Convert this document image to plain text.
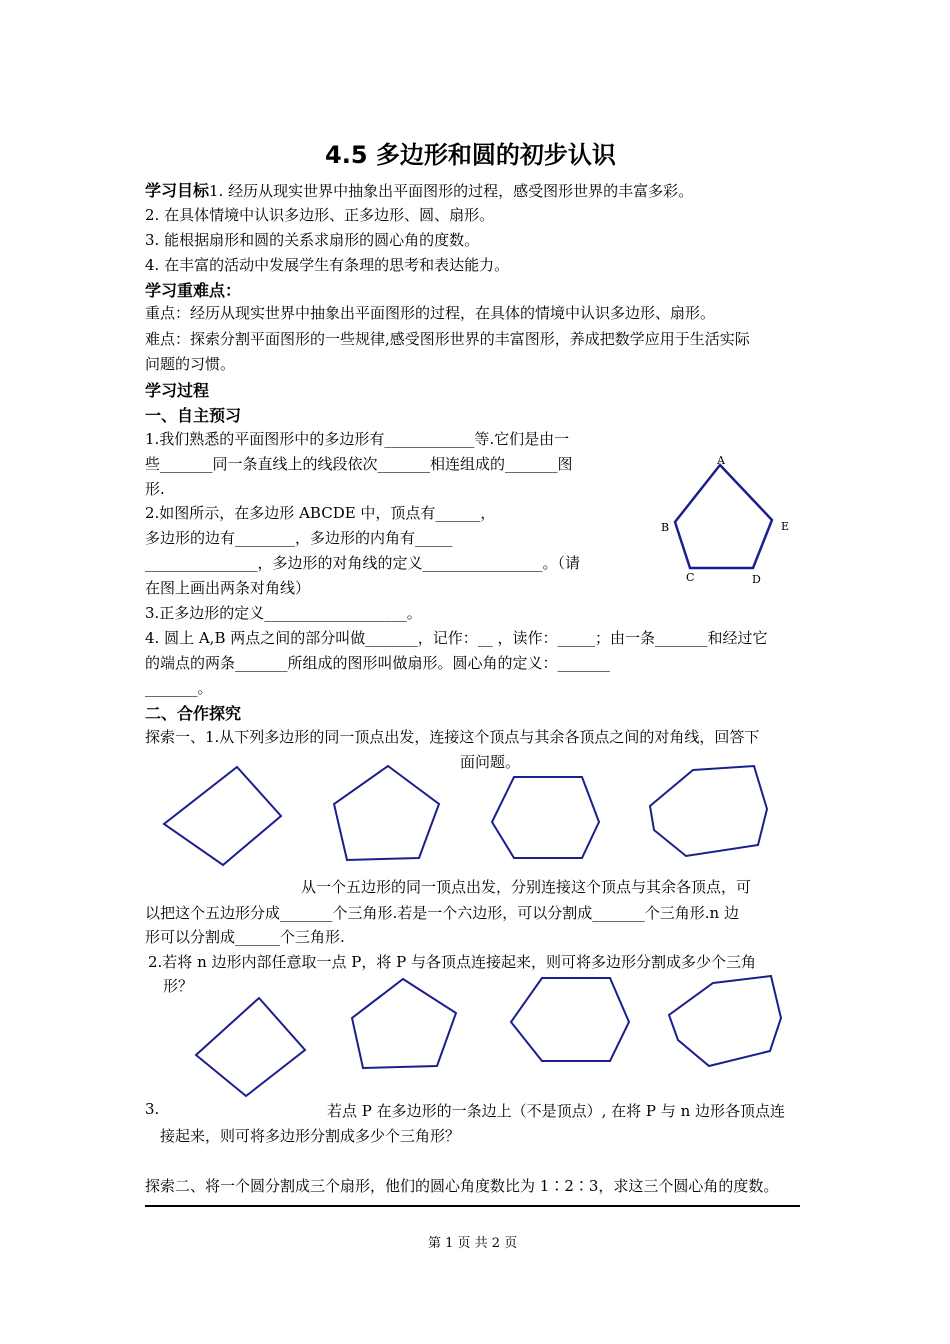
4.5 多边形和圆的初步认识
学习目标1. 经历从现实世界中抽象出平面图形的过程，感受图形世界的丰富多彩。
2. 在具体情境中认识多边形、正多边形、圆、扇形。
3. 能根据扇形和圆的关系求扇形的圆心角的度数。
4. 在丰富的活动中发展学生有条理的思考和表达能力。
学习重难点：
重点：经历从现实世界中抽象出平面图形的过程，在具体的情境中认识多边形、扇形。
难点：探索分割平面图形的一些规律,感受图形世界的丰富图形，养成把数学应用于生活实际
问题的习惯。
学习过程
一、自主预习
1.我们熟悉的平面图形中的多边形有____________等.它们是由一
些_______同一条直线上的线段依次_______相连组成的_______图
形.
2.如图所示，在多边形 ABCDE 中，顶点有______，
多边形的边有________，多边形的内角有_____
_______________，多边形的对角线的定义________________。（请
在图上画出两条对角线）
3.正多边形的定义___________________。
4. 圆上 A,B 两点之间的部分叫做_______，记作：__ ，读作：_____；由一条_______和经过它
的端点的两条_______所组成的图形叫做扇形。圆心角的定义：_______
_______。
A
B
C	D
E
二、合作探究
探索一、1.从下列多边形的同一顶点出发，连接这个顶点与其余各顶点之间的对角线，回答下
面问题。
从一个五边形的同一顶点出发，分别连接这个顶点与其余各顶点，可
以把这个五边形分成_______个三角形.若是一个六边形，可以分割成_______个三角形.n 边
形可以分割成______个三角形.
2.若将 n 边形内部任意取一点 P，将 P 与各顶点连接起来，则可将多边形分割成多少个三角
形？
3.	若点 P 在多边形的一条边上（不是顶点）, 在将 P 与 n 边形各顶点连
接起来，则可将多边形分割成多少个三角形？
探索二、将一个圆分割成三个扇形，他们的圆心角度数比为 1∶2∶3，求这三个圆心角的度数。
第 1 页 共 2 页
